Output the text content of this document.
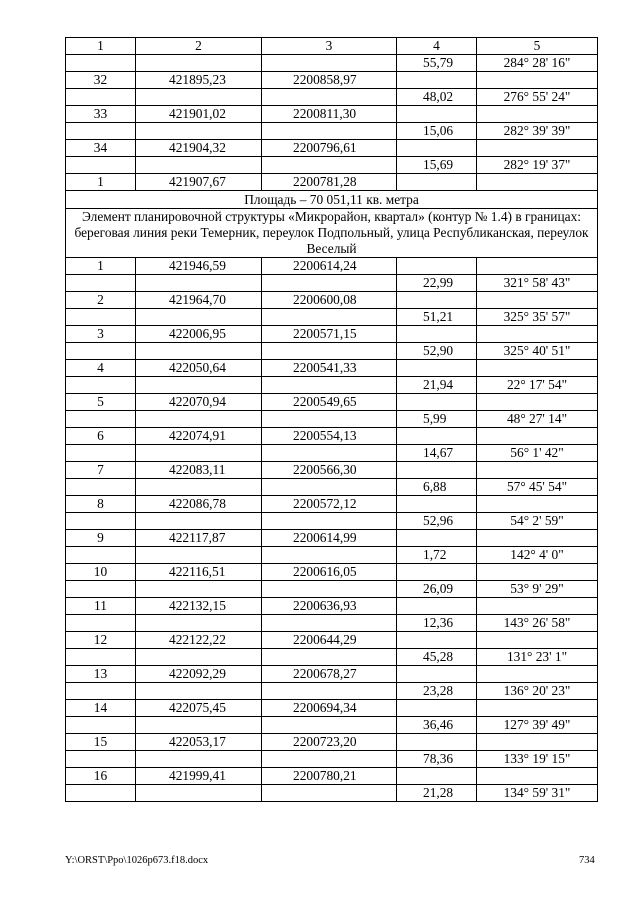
1	2	3	4	5
			55,79	284° 28' 16"
32	421895,23	2200858,97		
			48,02	276° 55' 24"
33	421901,02	2200811,30		
			15,06	282° 39' 39"
34	421904,32	2200796,61		
			15,69	282° 19' 37"
1	421907,67	2200781,28		
Площадь – 70 051,11 кв. метра				
Элемент планировочной структуры «Микрорайон, квартал» (контур № 1.4) в границах: береговая линия реки Темерник, переулок Подпольный, улица Республиканская, переулок Веселый				
1	421946,59	2200614,24		
			22,99	321° 58' 43"
2	421964,70	2200600,08		
			51,21	325° 35' 57"
3	422006,95	2200571,15		
			52,90	325° 40' 51"
4	422050,64	2200541,33		
			21,94	22° 17' 54"
5	422070,94	2200549,65		
			5,99	48° 27' 14"
6	422074,91	2200554,13		
			14,67	56° 1' 42"
7	422083,11	2200566,30		
			6,88	57° 45' 54"
8	422086,78	2200572,12		
			52,96	54° 2' 59"
9	422117,87	2200614,99		
			1,72	142° 4' 0"
10	422116,51	2200616,05		
			26,09	53° 9' 29"
11	422132,15	2200636,93		
			12,36	143° 26' 58"
12	422122,22	2200644,29		
			45,28	131° 23' 1"
13	422092,29	2200678,27		
			23,28	136° 20' 23"
14	422075,45	2200694,34		
			36,46	127° 39' 49"
15	422053,17	2200723,20		
			78,36	133° 19' 15"
16	421999,41	2200780,21		
			21,28	134° 59' 31"
Y:\ORST\Ppo\1026p673.f18.docx	734
